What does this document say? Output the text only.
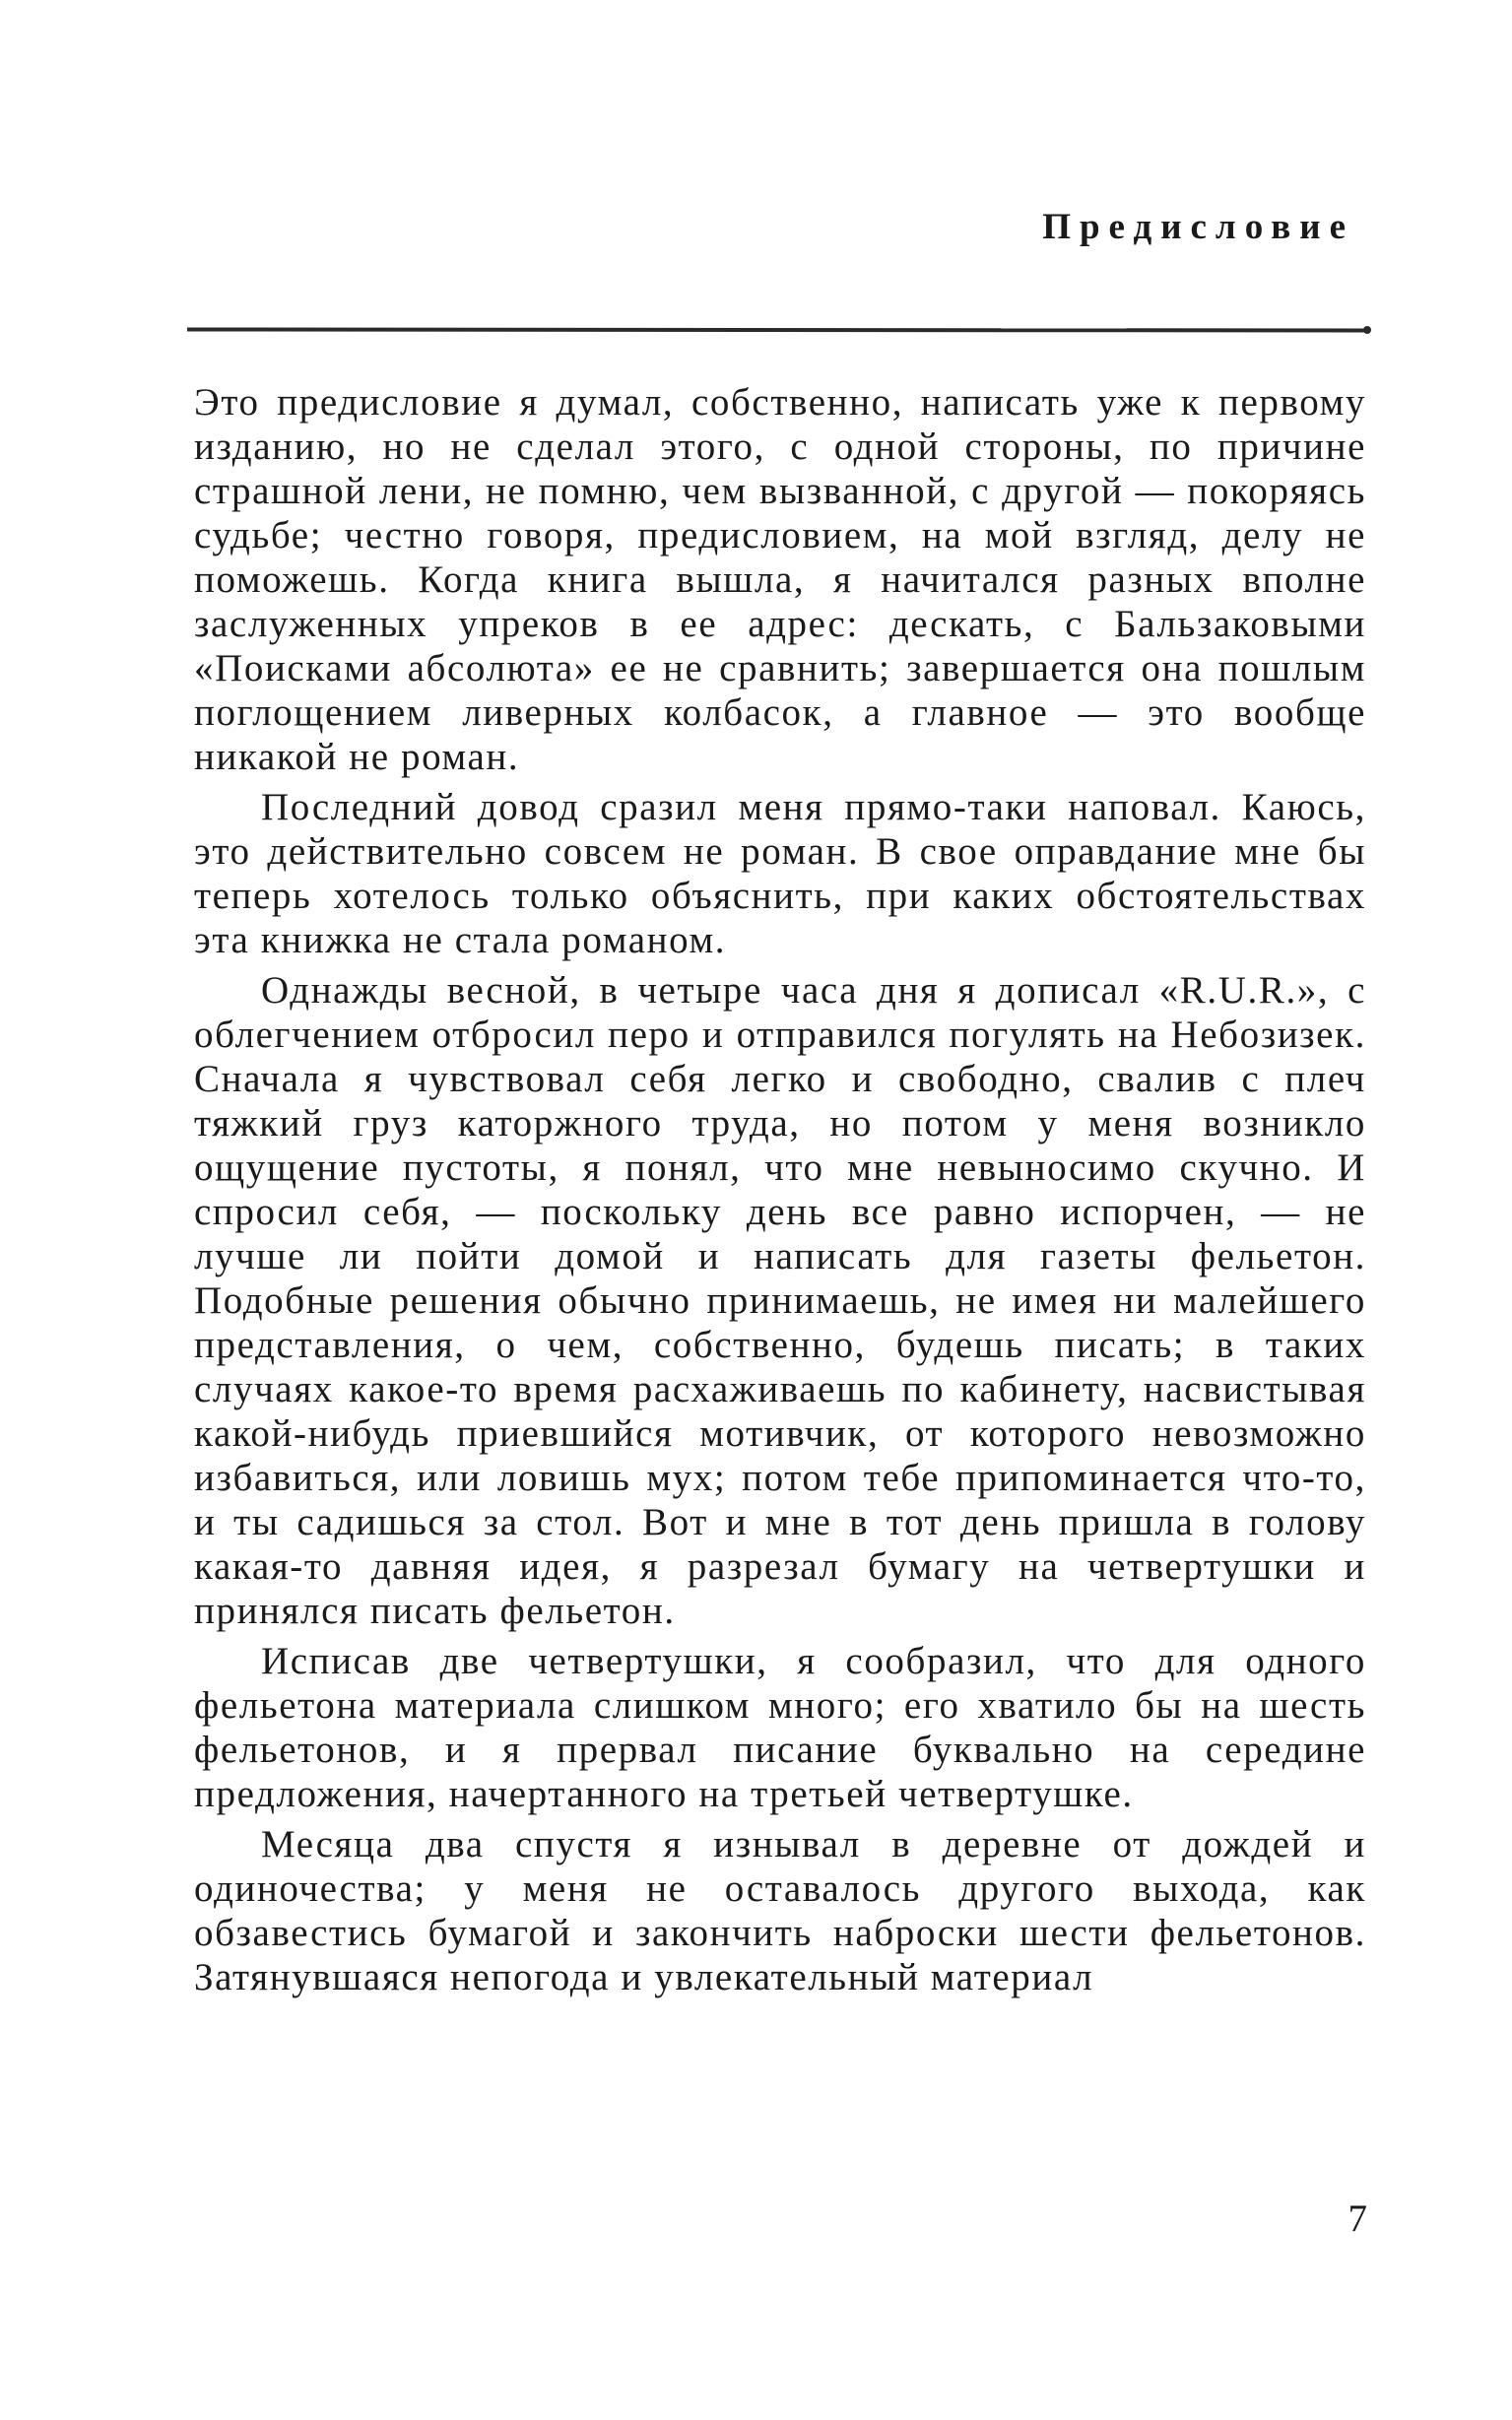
Предисловие

Это предисловие я думал, собственно, написать уже к первому изданию, но не сделал этого, с одной стороны, по причине страшной лени, не помню, чем вызванной, с другой — покоряясь судьбе; честно говоря, предисловием, на мой взгляд, делу не поможешь. Когда книга вышла, я начитался разных вполне заслуженных упреков в ее адрес: дескать, с Бальзаковыми «Поисками абсолюта» ее не сравнить; завершается она пошлым поглощением ливерных колбасок, а главное — это вообще никакой не роман.

Последний довод сразил меня прямо-таки наповал. Каюсь, это действительно совсем не роман. В свое оправдание мне бы теперь хотелось только объяснить, при каких обстоятельствах эта книжка не стала романом.

Однажды весной, в четыре часа дня я дописал «R.U.R.», с облегчением отбросил перо и отправился погулять на Небозизек. Сначала я чувствовал себя легко и свободно, свалив с плеч тяжкий груз каторжного труда, но потом у меня возникло ощущение пустоты, я понял, что мне невыносимо скучно. И спросил себя, — поскольку день все равно испорчен, — не лучше ли пойти домой и написать для газеты фельетон. Подобные решения обычно принимаешь, не имея ни малейшего представления, о чем, собственно, будешь писать; в таких случаях какое-то время расхаживаешь по кабинету, насвистывая какой-нибудь приевшийся мотивчик, от которого невозможно избавиться, или ловишь мух; потом тебе припоминается что-то, и ты садишься за стол. Вот и мне в тот день пришла в голову какая-то давняя идея, я разрезал бумагу на четвертушки и принялся писать фельетон.

Исписав две четвертушки, я сообразил, что для одного фельетона материала слишком много; его хватило бы на шесть фельетонов, и я прервал писание буквально на середине предложения, начертанного на третьей четвертушке.

Месяца два спустя я изнывал в деревне от дождей и одиночества; у меня не оставалось другого выхода, как обзавестись бумагой и закончить наброски шести фельетонов. Затянувшаяся непогода и увлекательный материал

7
